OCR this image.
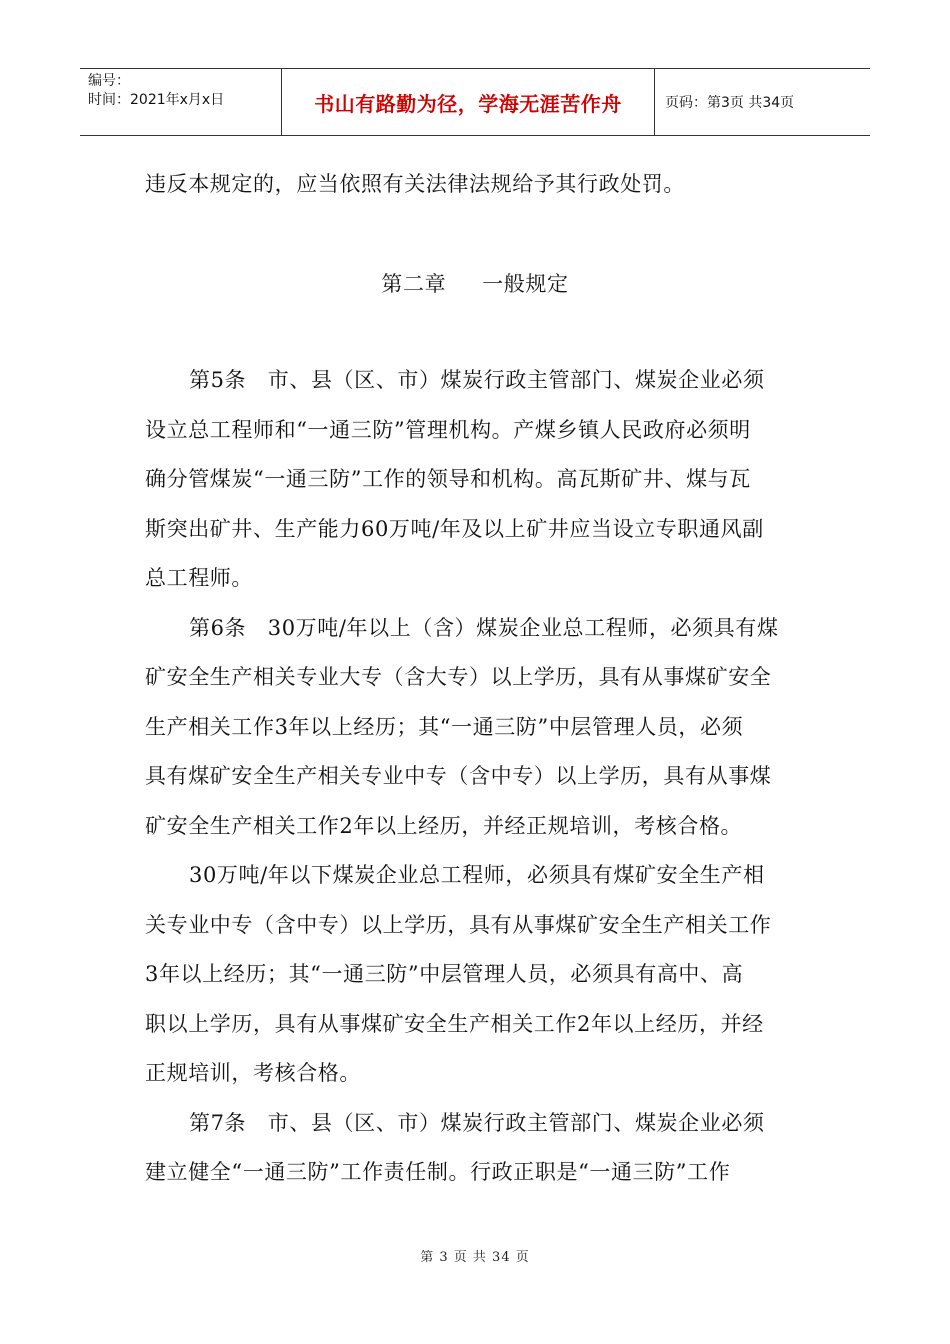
编号：
时间：2021年x月x日	书山有路勤为径，学海无涯苦作舟	页码：第3页 共34页

违反本规定的，应当依照有关法律法规给予其行政处罚。

第二章 一般规定

第5条　市、县（区、市）煤炭行政主管部门、煤炭企业必须

设立总工程师和“一通三防”管理机构。产煤乡镇人民政府必须明

确分管煤炭“一通三防”工作的领导和机构。高瓦斯矿井、煤与瓦

斯突出矿井、生产能力60万吨/年及以上矿井应当设立专职通风副

总工程师。

第6条　30万吨/年以上（含）煤炭企业总工程师，必须具有煤

矿安全生产相关专业大专（含大专）以上学历，具有从事煤矿安全

生产相关工作3年以上经历；其“一通三防”中层管理人员，必须

具有煤矿安全生产相关专业中专（含中专）以上学历，具有从事煤

矿安全生产相关工作2年以上经历，并经正规培训，考核合格。

30万吨/年以下煤炭企业总工程师，必须具有煤矿安全生产相

关专业中专（含中专）以上学历，具有从事煤矿安全生产相关工作

3年以上经历；其“一通三防”中层管理人员，必须具有高中、高

职以上学历，具有从事煤矿安全生产相关工作2年以上经历，并经

正规培训，考核合格。

第7条　市、县（区、市）煤炭行政主管部门、煤炭企业必须

建立健全“一通三防”工作责任制。行政正职是“一通三防”工作

第 3 页 共 34 页
